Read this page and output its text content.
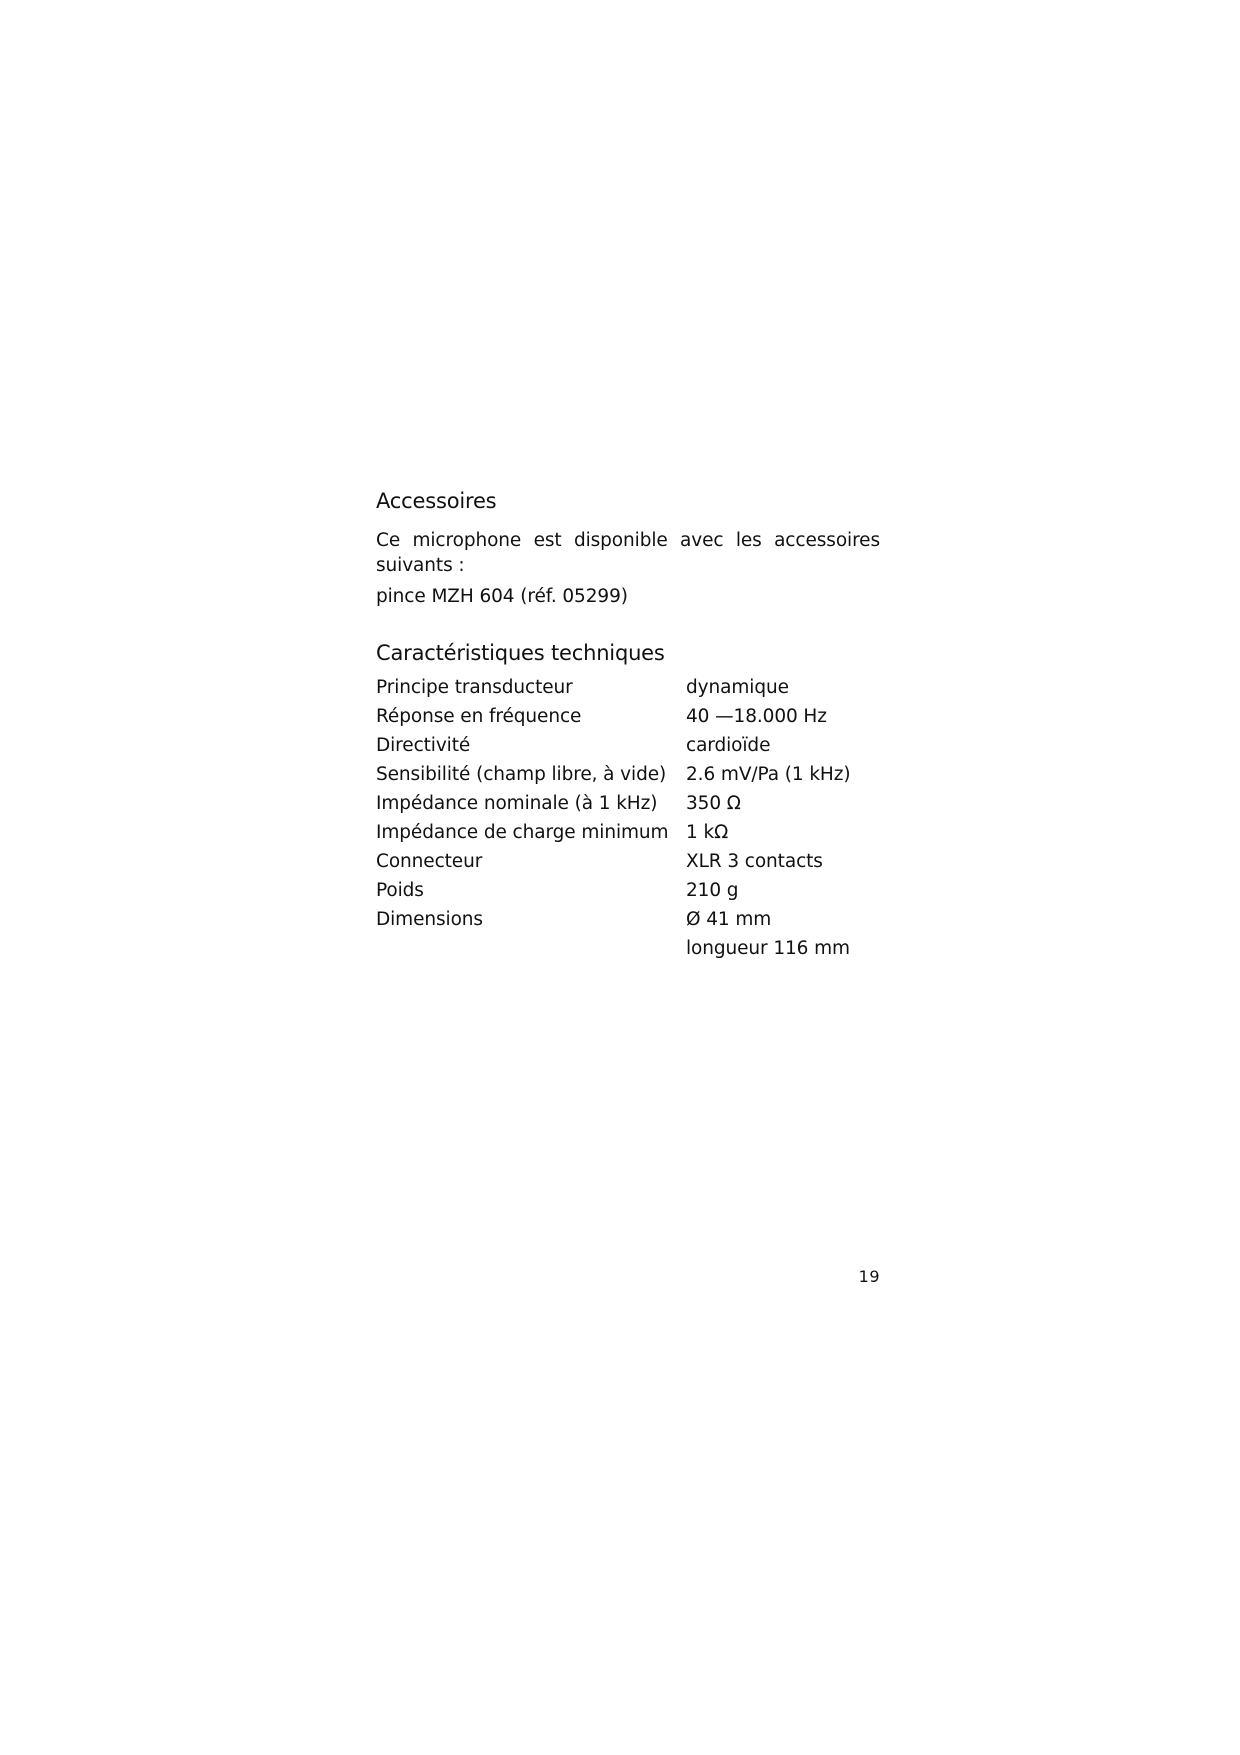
Accessoires

Ce microphone est disponible avec les accessoires suivants :

pince MZH 604 (réf. 05299)

Caractéristiques techniques
Principe transducteur	dynamique
Réponse en fréquence	40 —18.000 Hz
Directivité	cardioïde
Sensibilité (champ libre, à vide)	2.6 mV/Pa (1 kHz)
Impédance nominale (à 1 kHz)	350 Ω
Impédance de charge minimum	1 kΩ
Connecteur	XLR 3 contacts
Poids	210 g
Dimensions	Ø 41 mm
	longueur 116 mm
19
